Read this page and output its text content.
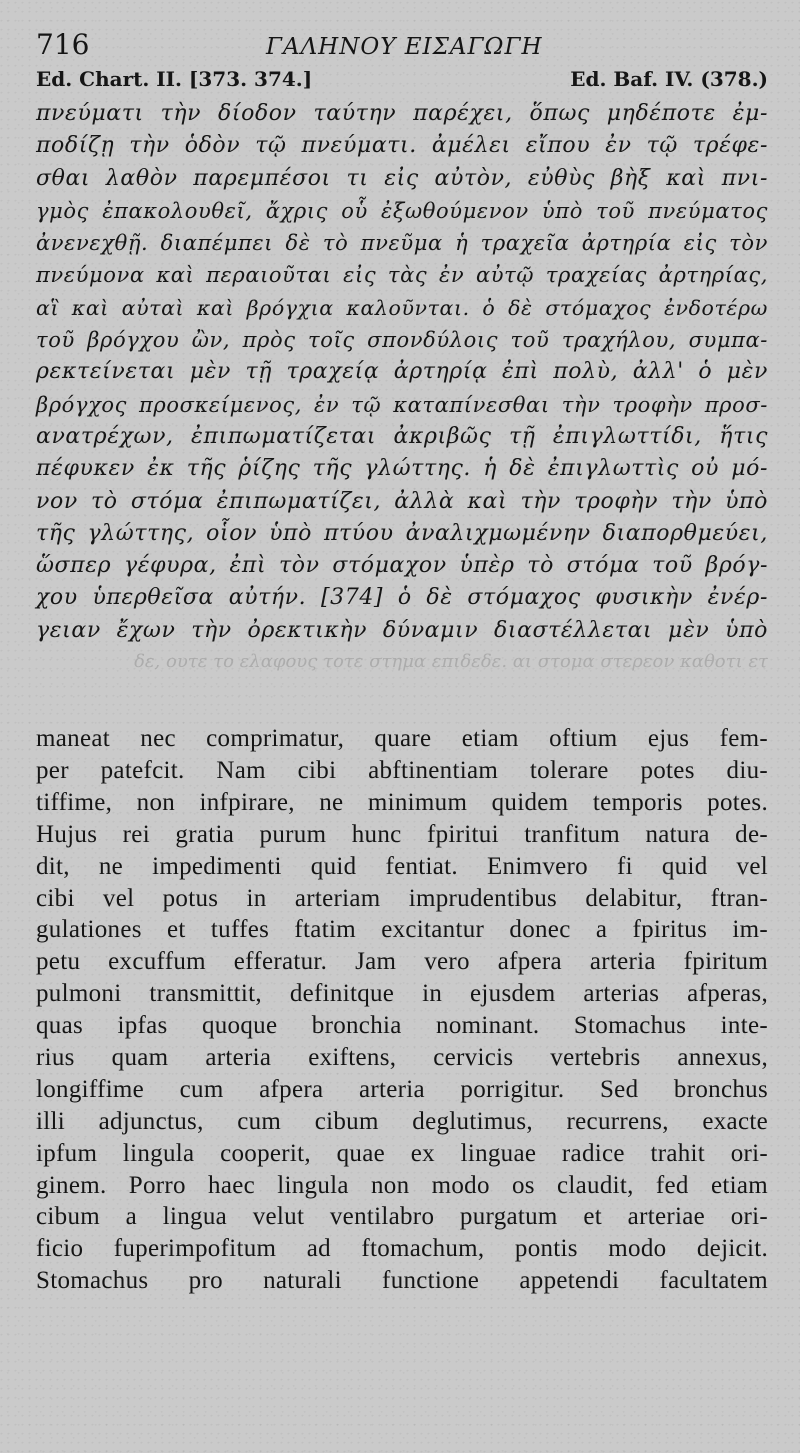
716	ΓΑΛΗΝΟΥ ΕΙΣΑΓΩΓΗ
Ed. Chart. II. [373. 374.]	Ed. Baf. IV. (378.)
πνεύματι τὴν δίοδον ταύτην παρέχει, ὅπως μηδέποτε ἐμ-
ποδίζῃ τὴν ὁδὸν τῷ πνεύματι. ἀμέλει εἴπου ἐν τῷ τρέφε-
σθαι λαθὸν παρεμπέσοι τι εἰς αὐτὸν, εὐθὺς βὴξ καὶ πνι-
γμὸς ἐπακολουθεῖ, ἄχρις οὗ ἐξωθούμενον ὑπὸ τοῦ πνεύματος
ἀνενεχθῇ. διαπέμπει δὲ τὸ πνεῦμα ἡ τραχεῖα ἀρτηρία εἰς τὸν
πνεύμονα καὶ περαιοῦται εἰς τὰς ἐν αὐτῷ τραχείας ἀρτηρίας,
αἳ καὶ αὐταὶ καὶ βρόγχια καλοῦνται. ὁ δὲ στόμαχος ἐνδοτέρω
τοῦ βρόγχου ὢν, πρὸς τοῖς σπονδύλοις τοῦ τραχήλου, συμπα-
ρεκτείνεται μὲν τῇ τραχείᾳ ἀρτηρίᾳ ἐπὶ πολὺ, ἀλλ' ὁ μὲν
βρόγχος προσκείμενος, ἐν τῷ καταπίνεσθαι τὴν τροφὴν προσ-
ανατρέχων, ἐπιπωματίζεται ἀκριβῶς τῇ ἐπιγλωττίδι, ἥτις
πέφυκεν ἐκ τῆς ῥίζης τῆς γλώττης. ἡ δὲ ἐπιγλωττὶς οὐ μό-
νον τὸ στόμα ἐπιπωματίζει, ἀλλὰ καὶ τὴν τροφὴν τὴν ὑπὸ
τῆς γλώττης, οἷον ὑπὸ πτύου ἀναλιχμωμένην διαπορθμεύει,
ὥσπερ γέφυρα, ἐπὶ τὸν στόμαχον ὑπὲρ τὸ στόμα τοῦ βρόγ-
χου ὑπερθεῖσα αὐτήν. [374] ὁ δὲ στόμαχος φυσικὴν ἐνέρ-
γειαν ἔχων τὴν ὀρεκτικὴν δύναμιν διαστέλλεται μὲν ὑπὸ
δε, ουτε το ελαφους τοτε στημα επιδεδε. αι στομα στερεον καθοτι ετ
maneat nec comprimatur, quare etiam oftium ejus fem-
per patefcit. Nam cibi abftinentiam tolerare potes diu-
tiffime, non infpirare, ne minimum quidem temporis potes.
Hujus rei gratia purum hunc fpiritui tranfitum natura de-
dit, ne impedimenti quid fentiat. Enimvero fi quid vel
cibi vel potus in arteriam imprudentibus delabitur, ftran-
gulationes et tuffes ftatim excitantur donec a fpiritus im-
petu excuffum efferatur. Jam vero afpera arteria fpiritum
pulmoni transmittit, definitque in ejusdem arterias afperas,
quas ipfas quoque bronchia nominant. Stomachus inte-
rius quam arteria exiftens, cervicis vertebris annexus,
longiffime cum afpera arteria porrigitur. Sed bronchus
illi adjunctus, cum cibum deglutimus, recurrens, exacte
ipfum lingula cooperit, quae ex linguae radice trahit ori-
ginem. Porro haec lingula non modo os claudit, fed etiam
cibum a lingua velut ventilabro purgatum et arteriae ori-
ficio fuperimpofitum ad ftomachum, pontis modo dejicit.
Stomachus pro naturali functione appetendi facultatem
